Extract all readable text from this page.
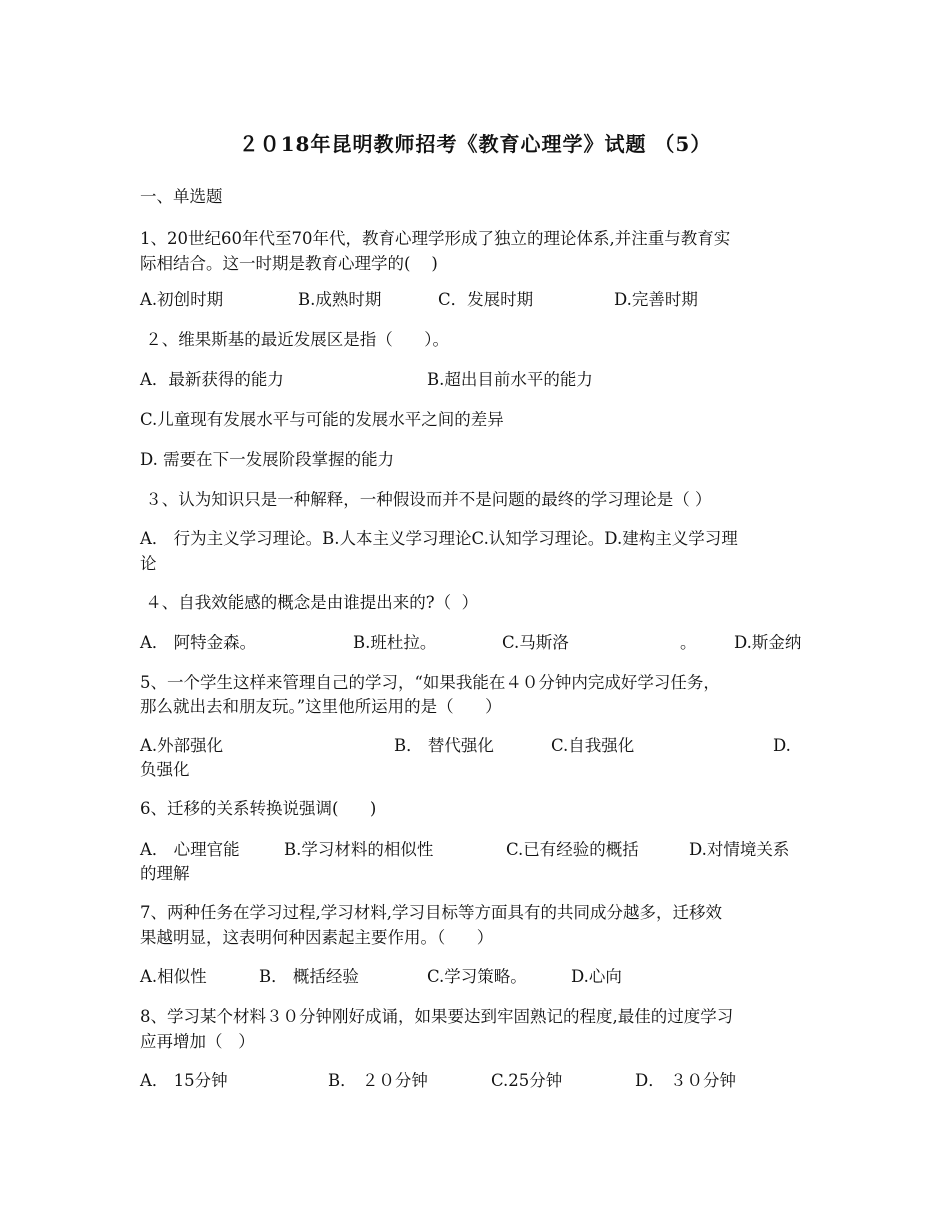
２０18年昆明教师招考《教育心理学》试题 （5）
一、单选题
1、20世纪60年代至70年代，教育心理学形成了独立的理论体系,并注重与教育实
际相结合。这一时期是教育心理学的(    )
A.初创时期	B.成熟时期	C．发展时期	D.完善时期
２、维果斯基的最近发展区是指（      ）。
A．最新获得的能力	B.超出目前水平的能力
C.儿童现有发展水平与可能的发展水平之间的差异
D. 需要在下一发展阶段掌握的能力
３、认为知识只是一种解释，一种假设而并不是问题的最终的学习理论是（ ）
A． 行为主义学习理论。B.人本主义学习理论C.认知学习理论。D.建构主义学习理
论
４、自我效能感的概念是由谁提出来的?（  ）
A． 阿特金森。	B.班杜拉。	C.马斯洛	。 D.斯金纳
5、一个学生这样来管理自己的学习，“如果我能在４０分钟内完成好学习任务，
那么就出去和朋友玩。”这里他所运用的是（      ）
A.外部强化	B． 替代强化	C.自我强化	D.
负强化
6、迁移的关系转换说强调(      )
A． 心理官能	B.学习材料的相似性	C.已有经验的概括	D.对情境关系
的理解
7、两种任务在学习过程,学习材料,学习目标等方面具有的共同成分越多，迁移效
果越明显，这表明何种因素起主要作用。（      ）
A.相似性	B． 概括经验	C.学习策略。	D.心向
8、学习某个材料３０分钟刚好成诵，如果要达到牢固熟记的程度,最佳的过度学习
应再增加（   ）
A． 15分钟	B． ２０分钟	C.25分钟	D． ３０分钟
